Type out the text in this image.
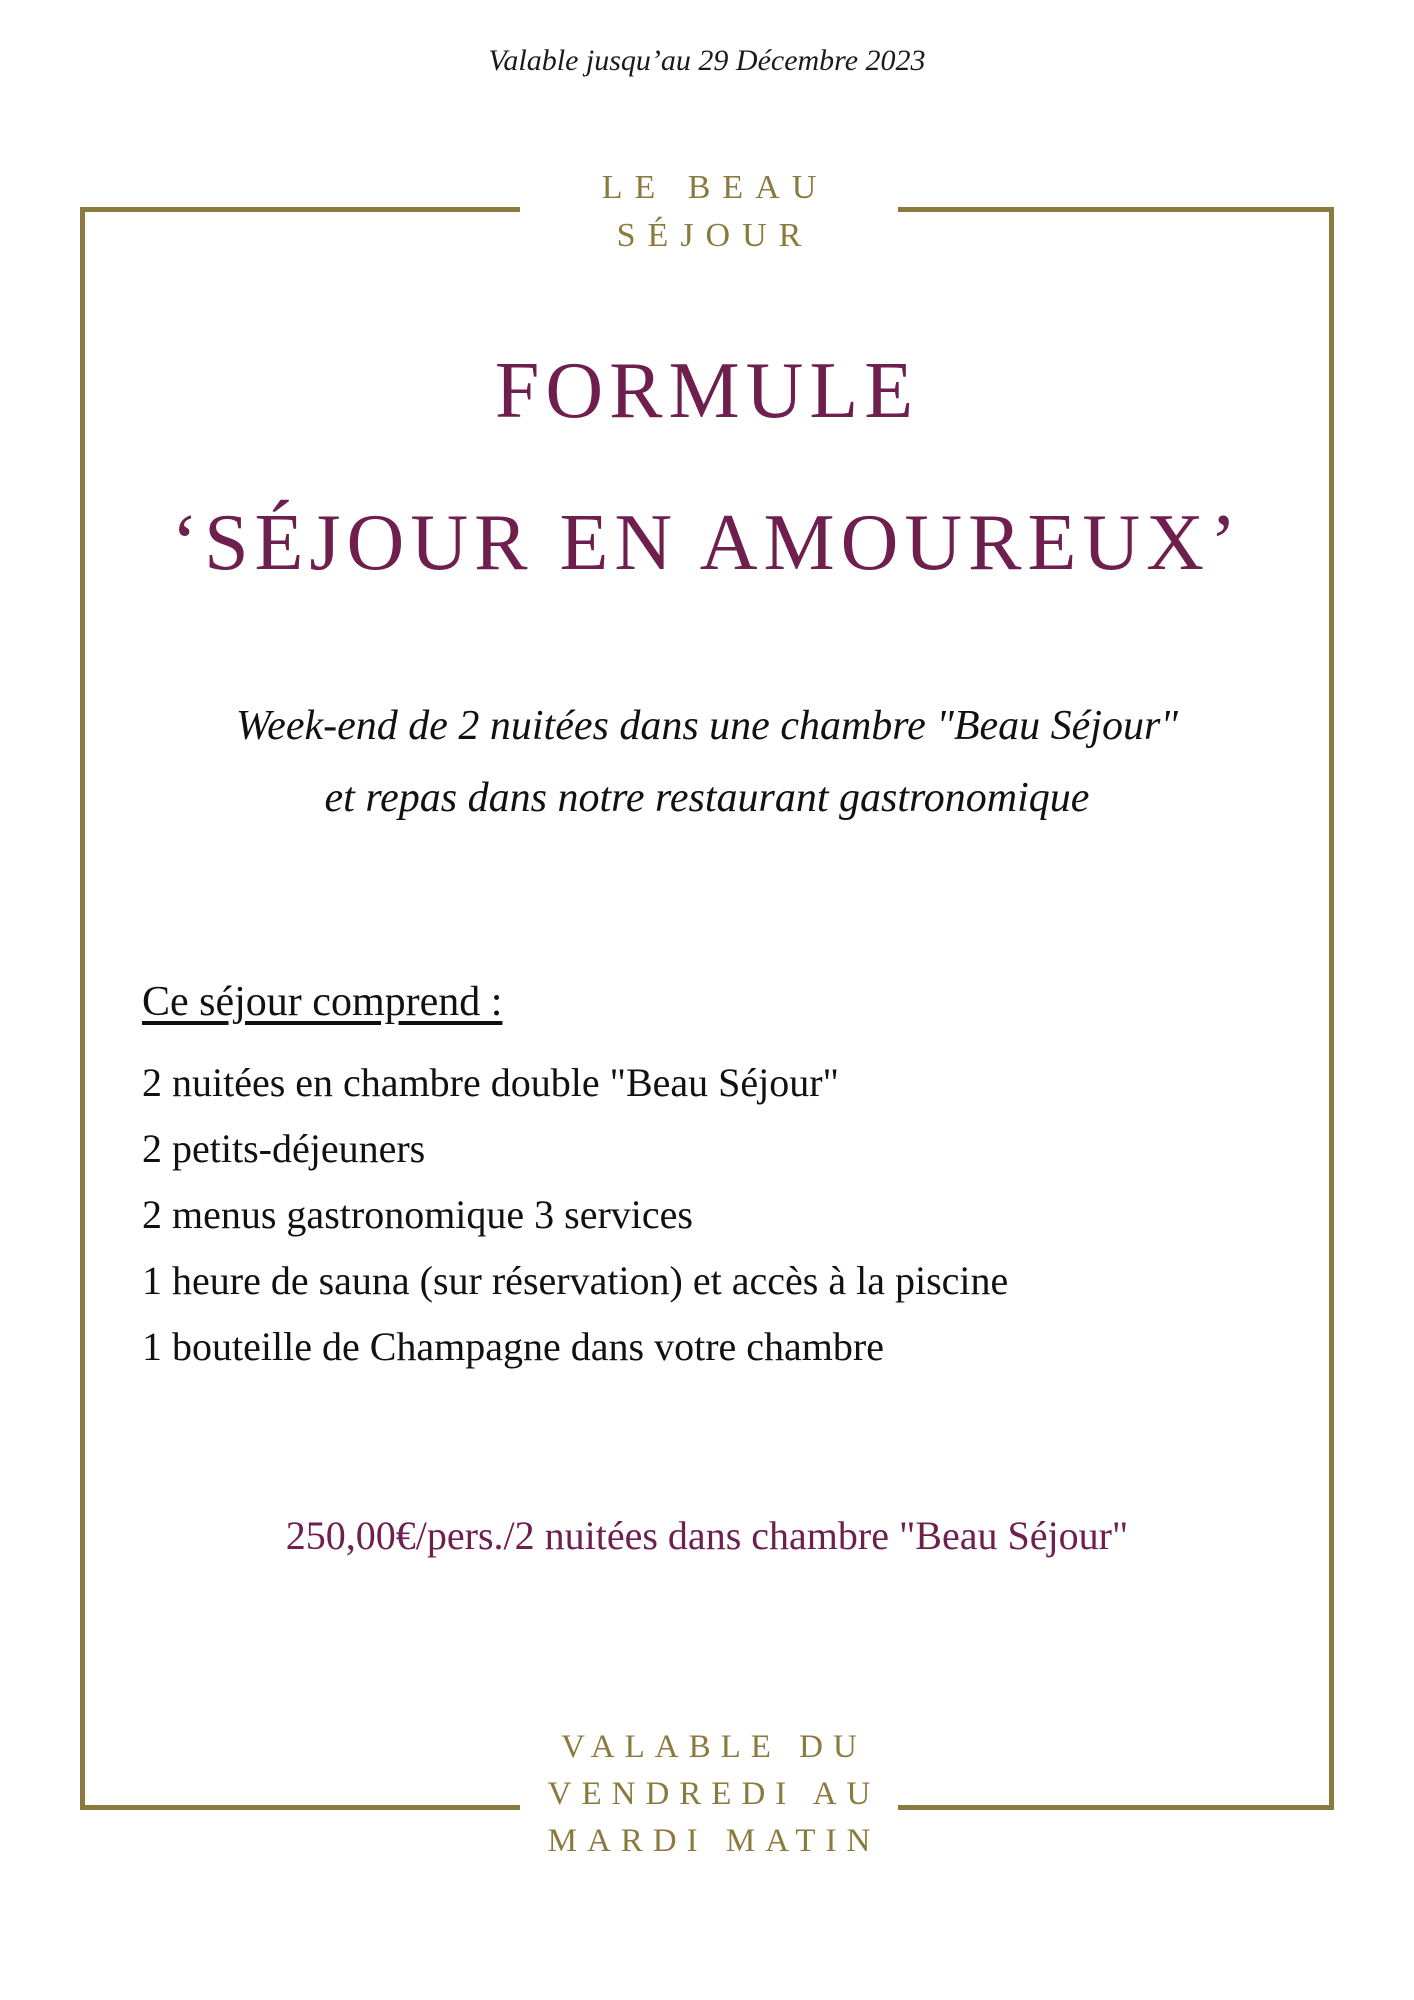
Valable jusqu’au 29 Décembre 2023
LE BEAU
SÉJOUR
FORMULE
‘SÉJOUR EN AMOUREUX’
Week-end de 2 nuitées dans une chambre "Beau Séjour"
et repas dans notre restaurant gastronomique
Ce séjour comprend :
2 nuitées en chambre double "Beau Séjour"
2 petits-déjeuners
2 menus gastronomique 3 services
1 heure de sauna (sur réservation) et accès à la piscine
1 bouteille de Champagne dans votre chambre
250,00€/pers./2 nuitées dans chambre "Beau Séjour"
VALABLE DU
VENDREDI AU
MARDI MATIN
